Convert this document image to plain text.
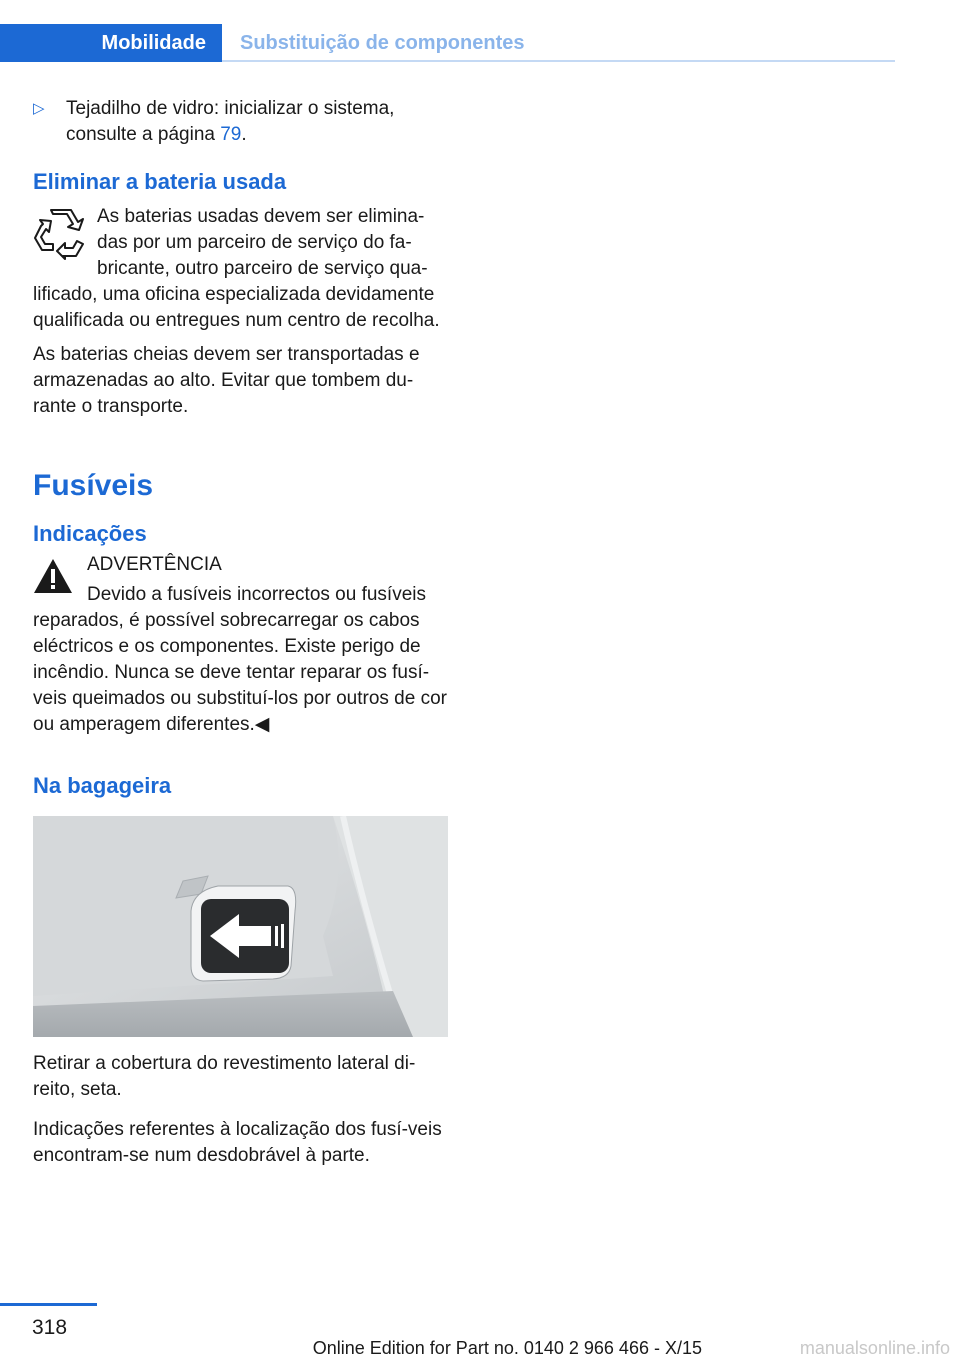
Mobilidade	Substituição de componentes
▷ Tejadilho de vidro: inicializar o sistema, consulte a página 79.

Eliminar a bateria usada

As baterias usadas devem ser elimina‐das por um parceiro de serviço do fa‐bricante, outro parceiro de serviço qua‐lificado, uma oficina especializada devidamente qualificada ou entregues num centro de recolha.

As baterias cheias devem ser transportadas e armazenadas ao alto. Evitar que tombem du‐rante o transporte.

Fusíveis
Indicações

ADVERTÊNCIA

Devido a fusíveis incorrectos ou fusíveis reparados, é possível sobrecarregar os cabos eléctricos e os componentes. Existe perigo de incêndio. Nunca se deve tentar reparar os fusí‐veis queimados ou substituí-los por outros de cor ou amperagem diferentes.◀

Na bagageira

Retirar a cobertura do revestimento lateral di‐reito, seta.

Indicações referentes à localização dos fusí‐veis encontram-se num desdobrável à parte.

318
Online Edition for Part no. 0140 2 966 466 - X/15	manualsonline.info
